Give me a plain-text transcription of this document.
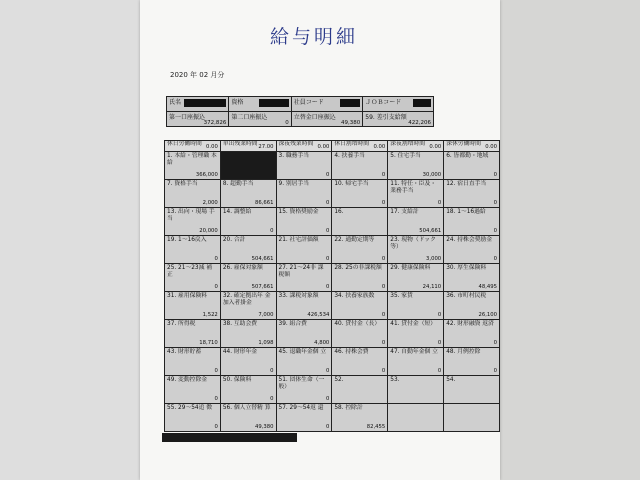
給与明細
2020 年 02 月分
氏名	資格	社員コード	ＪＯＢコード

第一口座振込
372,826	第二口座振込
0	立替金口座振込
49,380	59. 差引支給額
422,206
休日労働時間 0.00	単出残業時間 27.00	深夜残業時間 0.00	休日割増時間 0.00	深夜割増時間 0.00	深休労働時間 0.00

1. 本給・管理職 本給
366,000		3. 職務手当
0	4. 扶養手当
0	5. 住宅手当
30,000	6. 皆都勤・地域
0

7. 資格手当
2,000	8. 超勤手当
86,661	9. 別居手当
0	10. 帰宅手当
0	11. 特任・臣及・業務手当
0	12. 宿日直手当
0

13. 出向・現場 手当
20,000	14. 調整給
0	15. 資格奨励金
0	16.	17. 支給計
504,661	18. 1〜16過給
0

19. 1〜16戻入
0	20. 合計
504,661	21. 社宅評価額
0	22. 通勤定期等
0	23. 現物（ドック等）
3,000	24. 持株会奨励金
0

25. 21〜23減 補正
0	26. 雇保対象額
507,661	27. 21〜24非 課税額
0	28. 25の非課税額
0	29. 健康保険料
24,110	30. 厚生保険料
48,495

31. 雇用保険料
1,522	32. 確定拠出年 金加入者掛金
7,000	33. 課税対象額
426,534	34. 扶養家族数
0	35. 家賃
0	36. 市町村民税
26,100

37. 所得税
18,710	38. 互助会費
1,098	39. 組合費
4,800	40. 貸付金（長）
0	41. 貸付金（短）
0	42. 財形融資 返済
0

43. 財形貯蓄
0	44. 財形年金
0	45. 退職年金個 立
0	46. 持株会費
0	47. 自動年金個 立
0	48. 月例控除
0

49. 変動控除金
0	50. 保険料
0	51. 団体生命（一般）
0	52.	53.	54.

55. 29〜54追 徴
0	56. 個人立替精 算
49,380	57. 29〜54返 還
0	58. 控除計
82,455		
